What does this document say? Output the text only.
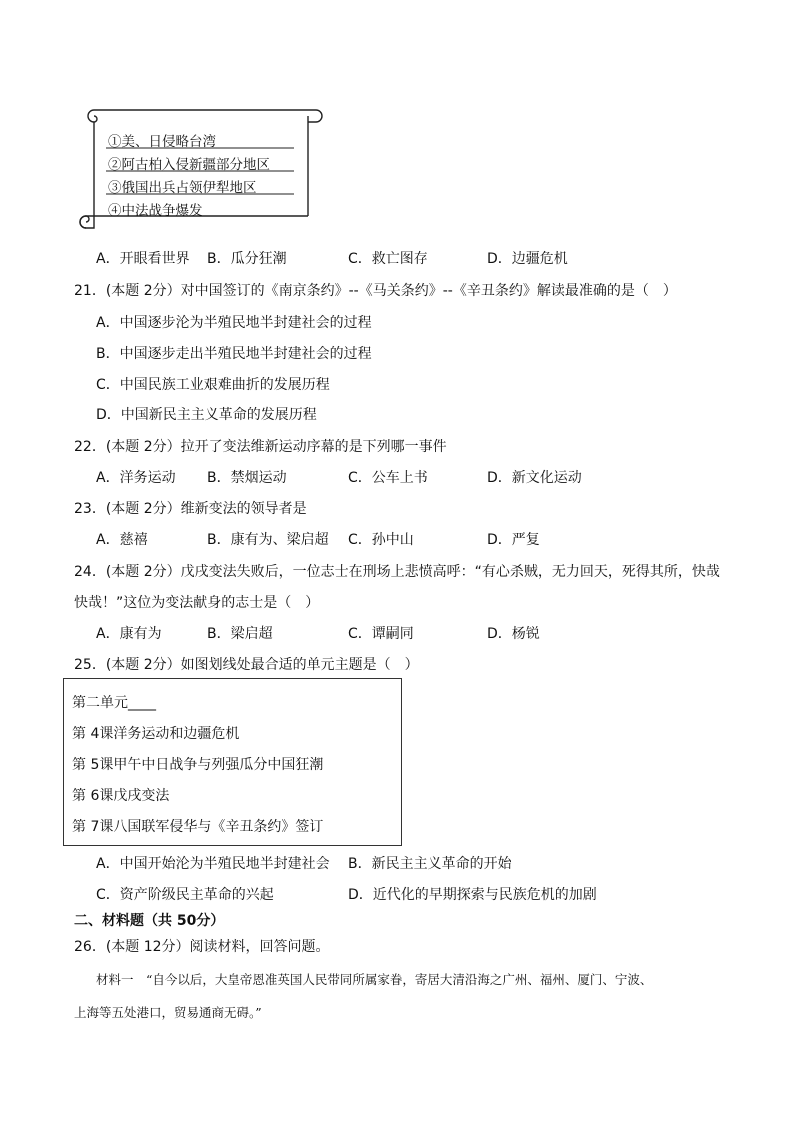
①美、日侵略台湾
②阿古柏入侵新疆部分地区
③俄国出兵占领伊犁地区
④中法战争爆发
A．开眼看世界 B．瓜分狂潮	C．救亡图存	D．边疆危机
21．(本题 2分）对中国签订的《南京条约》--《马关条约》--《辛丑条约》解读最准确的是（　）
A．中国逐步沦为半殖民地半封建社会的过程
B．中国逐步走出半殖民地半封建社会的过程
C．中国民族工业艰难曲折的发展历程
D．中国新民主主义革命的发展历程
22．(本题 2分）拉开了变法维新运动序幕的是下列哪一事件
A．洋务运动 B．禁烟运动	C．公车上书	D．新文化运动
23．(本题 2分）维新变法的领导者是
A．慈禧	B．康有为、梁启超 C．孙中山	D．严复
24．(本题 2分）戊戌变法失败后，一位志士在刑场上悲愤高呼：“有心杀贼，无力回天，死得其所，快哉
快哉！”这位为变法献身的志士是（　）
A．康有为	B．梁启超	C．谭嗣同	D．杨锐
25．(本题 2分）如图划线处最合适的单元主题是（　）
第二单元____
第 4课洋务运动和边疆危机
第 5课甲午中日战争与列强瓜分中国狂潮
第 6课戊戌变法
第 7课八国联军侵华与《辛丑条约》签订
A．中国开始沦为半殖民地半封建社会 B．新民主主义革命的开始
C．资产阶级民主革命的兴起	D．近代化的早期探索与民族危机的加剧
二、材料题（共 50分）
26．(本题 12分）阅读材料，回答问题。
材料一　“自今以后，大皇帝恩准英国人民带同所属家眷，寄居大清沿海之广州、福州、厦门、宁波、
上海等五处港口，贸易通商无碍。”
